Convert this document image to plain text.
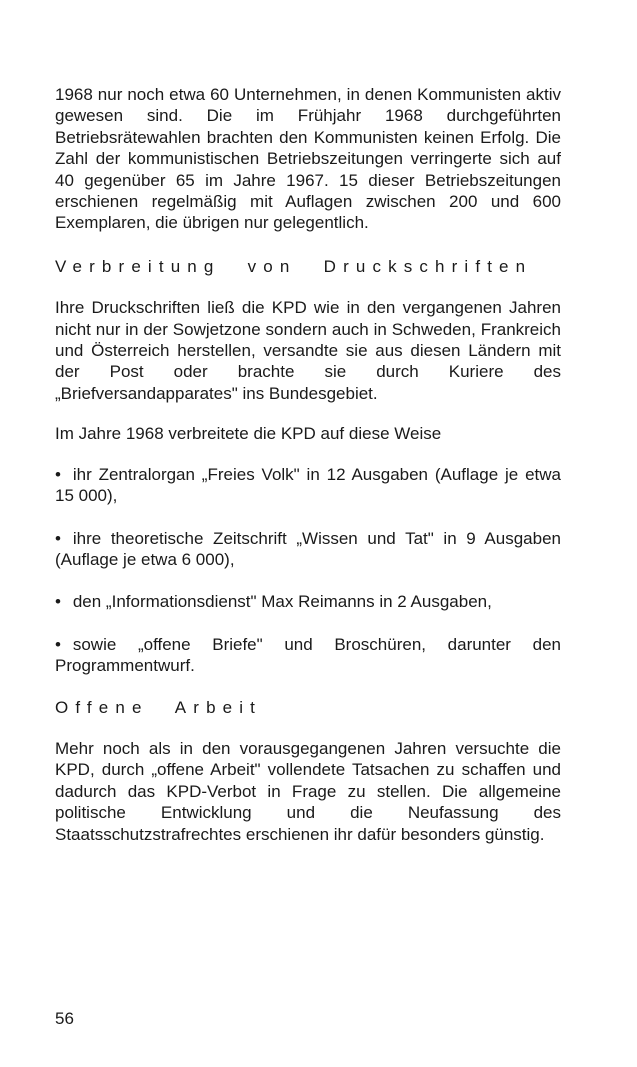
1968 nur noch etwa 60 Unternehmen, in denen Kommunisten aktiv gewesen sind. Die im Frühjahr 1968 durchgeführten Betriebsrätewahlen brachten den Kommunisten keinen Erfolg. Die Zahl der kommunistischen Betriebszeitungen verringerte sich auf 40 gegenüber 65 im Jahre 1967. 15 dieser Betriebszeitungen erschienen regelmäßig mit Auflagen zwischen 200 und 600 Exemplaren, die übrigen nur gelegentlich.

Verbreitung von Druckschriften

Ihre Druckschriften ließ die KPD wie in den vergangenen Jahren nicht nur in der Sowjetzone sondern auch in Schweden, Frankreich und Österreich herstellen, versandte sie aus diesen Ländern mit der Post oder brachte sie durch Kuriere des „Briefversandapparates" ins Bundesgebiet.

Im Jahre 1968 verbreitete die KPD auf diese Weise

• ihr Zentralorgan „Freies Volk" in 12 Ausgaben (Auflage je etwa 15 000),

• ihre theoretische Zeitschrift „Wissen und Tat" in 9 Ausgaben (Auflage je etwa 6 000),

• den „Informationsdienst" Max Reimanns in 2 Ausgaben,

• sowie „offene Briefe" und Broschüren, darunter den Programmentwurf.

Offene Arbeit

Mehr noch als in den vorausgegangenen Jahren versuchte die KPD, durch „offene Arbeit" vollendete Tatsachen zu schaffen und dadurch das KPD-Verbot in Frage zu stellen. Die allgemeine politische Entwicklung und die Neufassung des Staatsschutzstrafrechtes erschienen ihr dafür besonders günstig.

56
